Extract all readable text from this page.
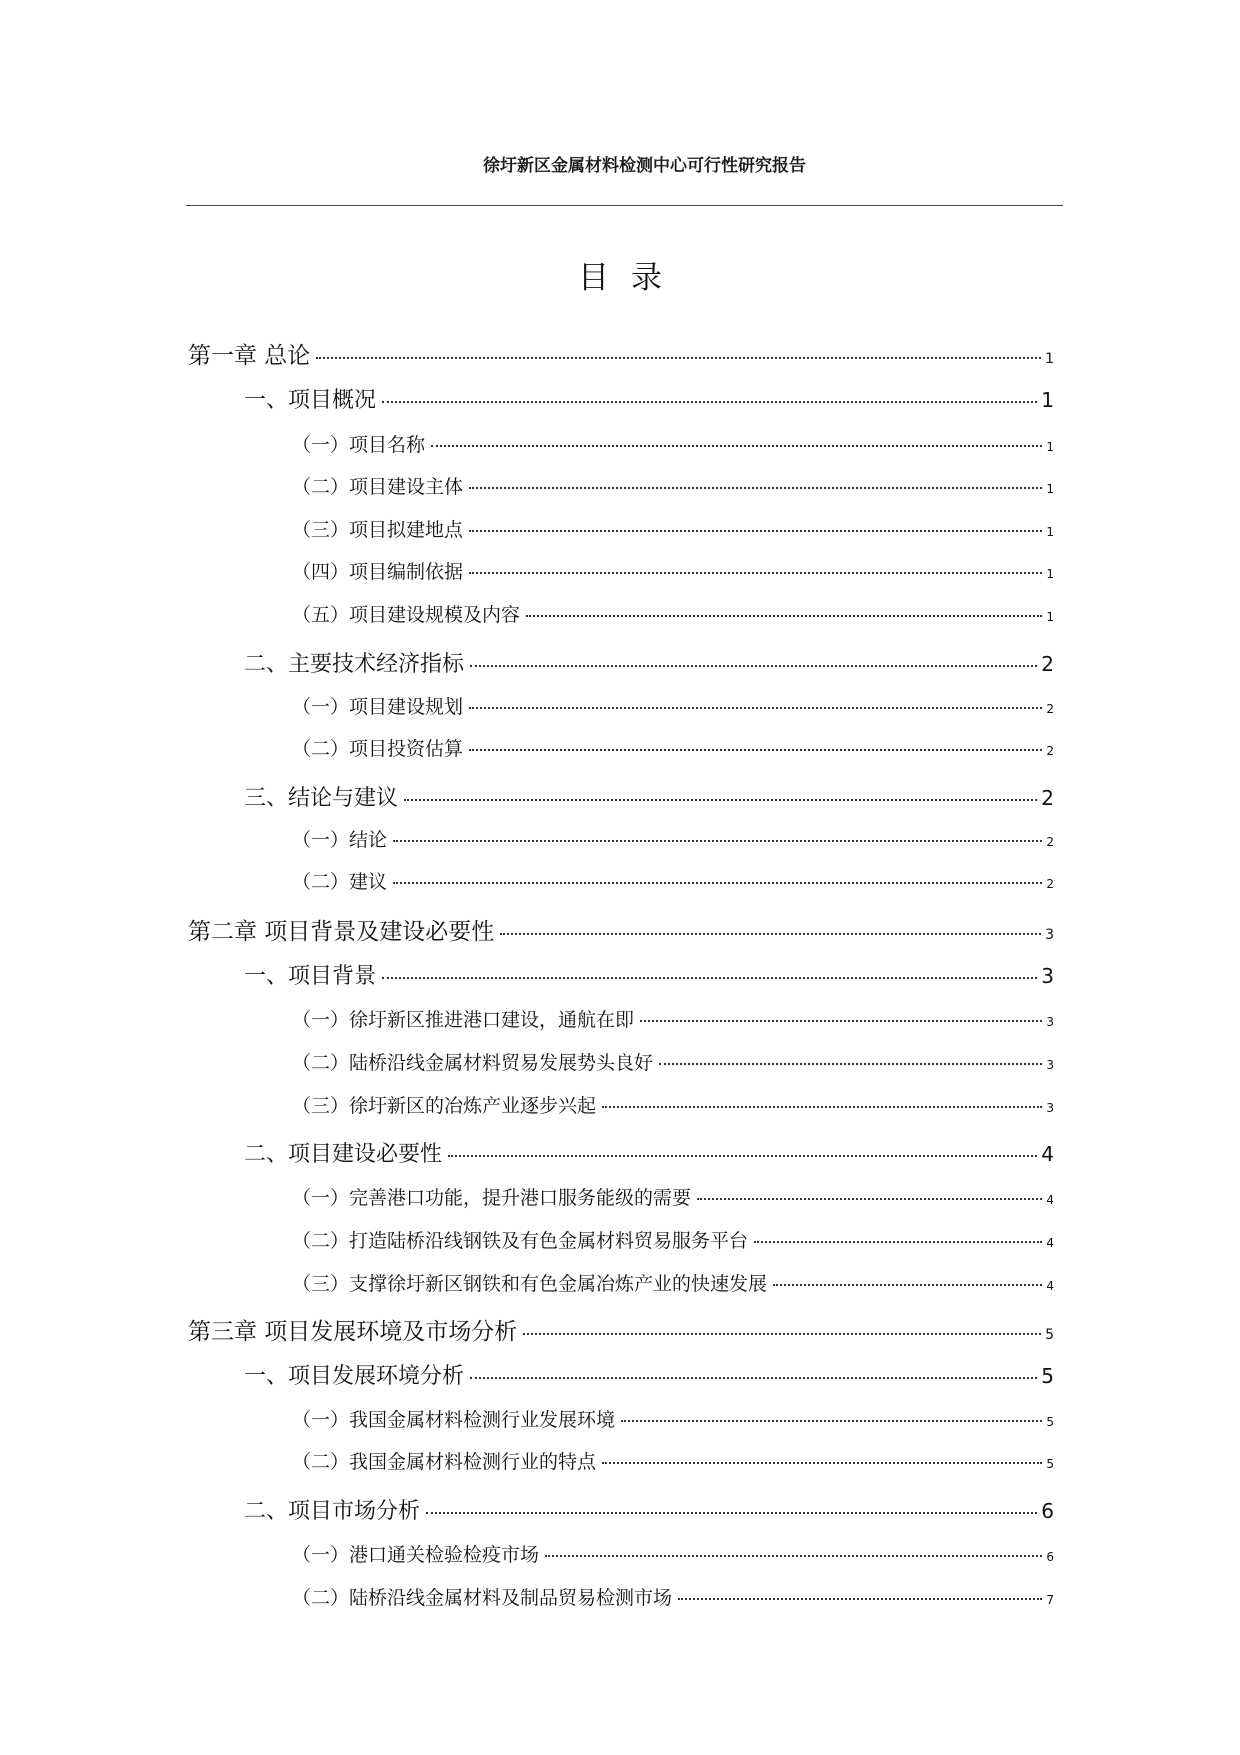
徐圩新区金属材料检测中心可行性研究报告
目录
第一章 总论	1
一、项目概况	1
（一）项目名称	1
（二）项目建设主体	1
（三）项目拟建地点	1
（四）项目编制依据	1
（五）项目建设规模及内容	1
二、主要技术经济指标	2
（一）项目建设规划	2
（二）项目投资估算	2
三、结论与建议	2
（一）结论	2
（二）建议	2
第二章 项目背景及建设必要性	3
一、项目背景	3
（一）徐圩新区推进港口建设，通航在即	3
（二）陆桥沿线金属材料贸易发展势头良好	3
（三）徐圩新区的冶炼产业逐步兴起	3
二、项目建设必要性	4
（一）完善港口功能，提升港口服务能级的需要	4
（二）打造陆桥沿线钢铁及有色金属材料贸易服务平台	4
（三）支撑徐圩新区钢铁和有色金属冶炼产业的快速发展	4
第三章 项目发展环境及市场分析	5
一、项目发展环境分析	5
（一）我国金属材料检测行业发展环境	5
（二）我国金属材料检测行业的特点	5
二、项目市场分析	6
（一）港口通关检验检疫市场	6
（二）陆桥沿线金属材料及制品贸易检测市场	7
